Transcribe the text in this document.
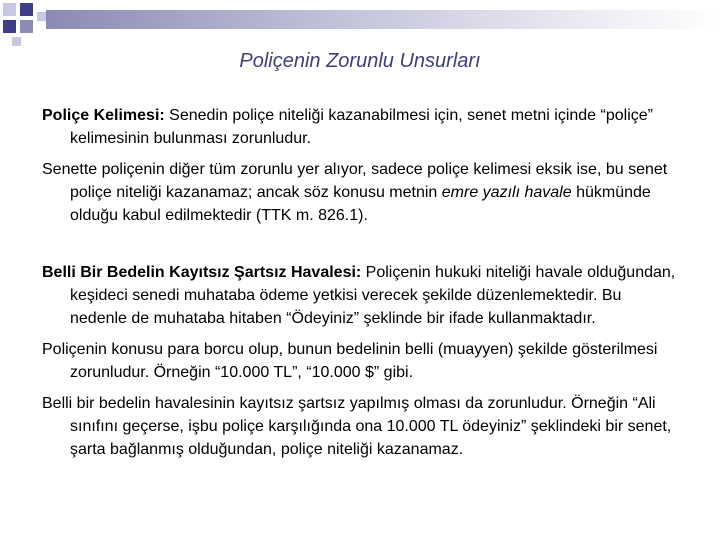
Poliçenin Zorunlu Unsurları

Poliçe Kelimesi: Senedin poliçe niteliği kazanabilmesi için, senet metni içinde “poliçe” kelimesinin bulunması zorunludur.

Senette poliçenin diğer tüm zorunlu yer alıyor, sadece poliçe kelimesi eksik ise, bu senet poliçe niteliği kazanamaz; ancak söz konusu metnin emre yazılı havale hükmünde olduğu kabul edilmektedir (TTK m. 826.1).

Belli Bir Bedelin Kayıtsız Şartsız Havalesi: Poliçenin hukuki niteliği havale olduğundan, keşideci senedi muhataba ödeme yetkisi verecek şekilde düzenlemektedir. Bu nedenle de muhataba hitaben “Ödeyiniz” şeklinde bir ifade kullanmaktadır.

Poliçenin konusu para borcu olup, bunun bedelinin belli (muayyen) şekilde gösterilmesi zorunludur. Örneğin “10.000 TL”, “10.000 $” gibi.

Belli bir bedelin havalesinin kayıtsız şartsız yapılmış olması da zorunludur. Örneğin “Ali sınıfını geçerse, işbu poliçe karşılığında ona 10.000 TL ödeyiniz” şeklindeki bir senet, şarta bağlanmış olduğundan, poliçe niteliği kazanamaz.
